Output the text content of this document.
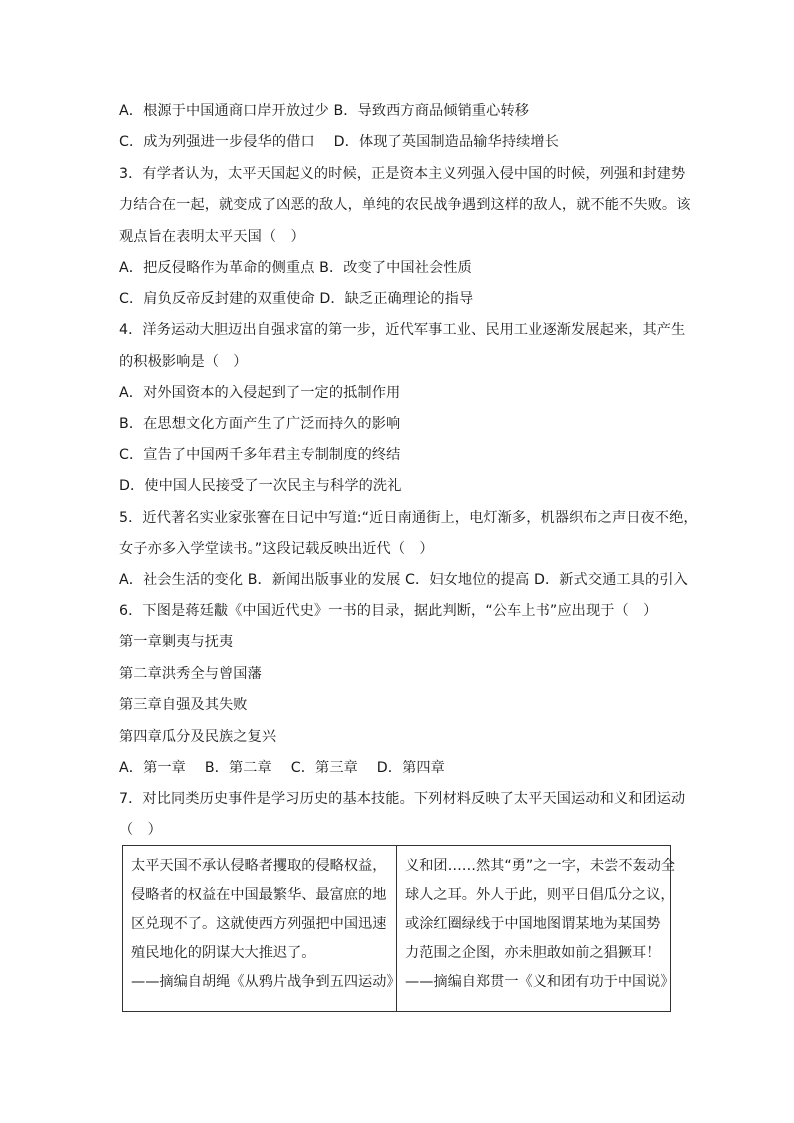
A．根源于中国通商口岸开放过少 B．导致西方商品倾销重心转移
C．成为列强进一步侵华的借口　 D．体现了英国制造品输华持续增长
3．有学者认为，太平天国起义的时候，正是资本主义列强入侵中国的时候，列强和封建势
力结合在一起，就变成了凶恶的敌人，单纯的农民战争遇到这样的敌人，就不能不失败。该
观点旨在表明太平天国（　）
A．把反侵略作为革命的侧重点 B．改变了中国社会性质
C．肩负反帝反封建的双重使命 D．缺乏正确理论的指导
4．洋务运动大胆迈出自强求富的第一步，近代军事工业、民用工业逐渐发展起来，其产生
的积极影响是（　）
A．对外国资本的入侵起到了一定的抵制作用
B．在思想文化方面产生了广泛而持久的影响
C．宣告了中国两千多年君主专制制度的终结
D．使中国人民接受了一次民主与科学的洗礼
5．近代著名实业家张謇在日记中写道:“近日南通街上，电灯渐多，机器织布之声日夜不绝，
女子亦多入学堂读书。”这段记载反映出近代（　）
A．社会生活的变化 B．新闻出版事业的发展 C．妇女地位的提高 D．新式交通工具的引入
6．下图是蒋廷黻《中国近代史》一书的目录，据此判断，“公车上书”应出现于（　）
第一章剿夷与抚夷
第二章洪秀全与曾国藩
第三章自强及其失败
第四章瓜分及民族之复兴
A．第一章　 B．第二章　 C．第三章　 D．第四章
7．对比同类历史事件是学习历史的基本技能。下列材料反映了太平天国运动和义和团运动
（　）
太平天国不承认侵略者攫取的侵略权益，
侵略者的权益在中国最繁华、最富庶的地
区兑现不了。这就使西方列强把中国迅速
殖民地化的阴谋大大推迟了。
——摘编自胡绳《从鸦片战争到五四运动》

义和团……然其“勇”之一字，未尝不轰动全
球人之耳。外人于此，则平日倡瓜分之议，
或涂红圈绿线于中国地图谓某地为某国势
力范围之企图，亦未胆敢如前之猖獗耳！
——摘编自郑贯一《义和团有功于中国说》
